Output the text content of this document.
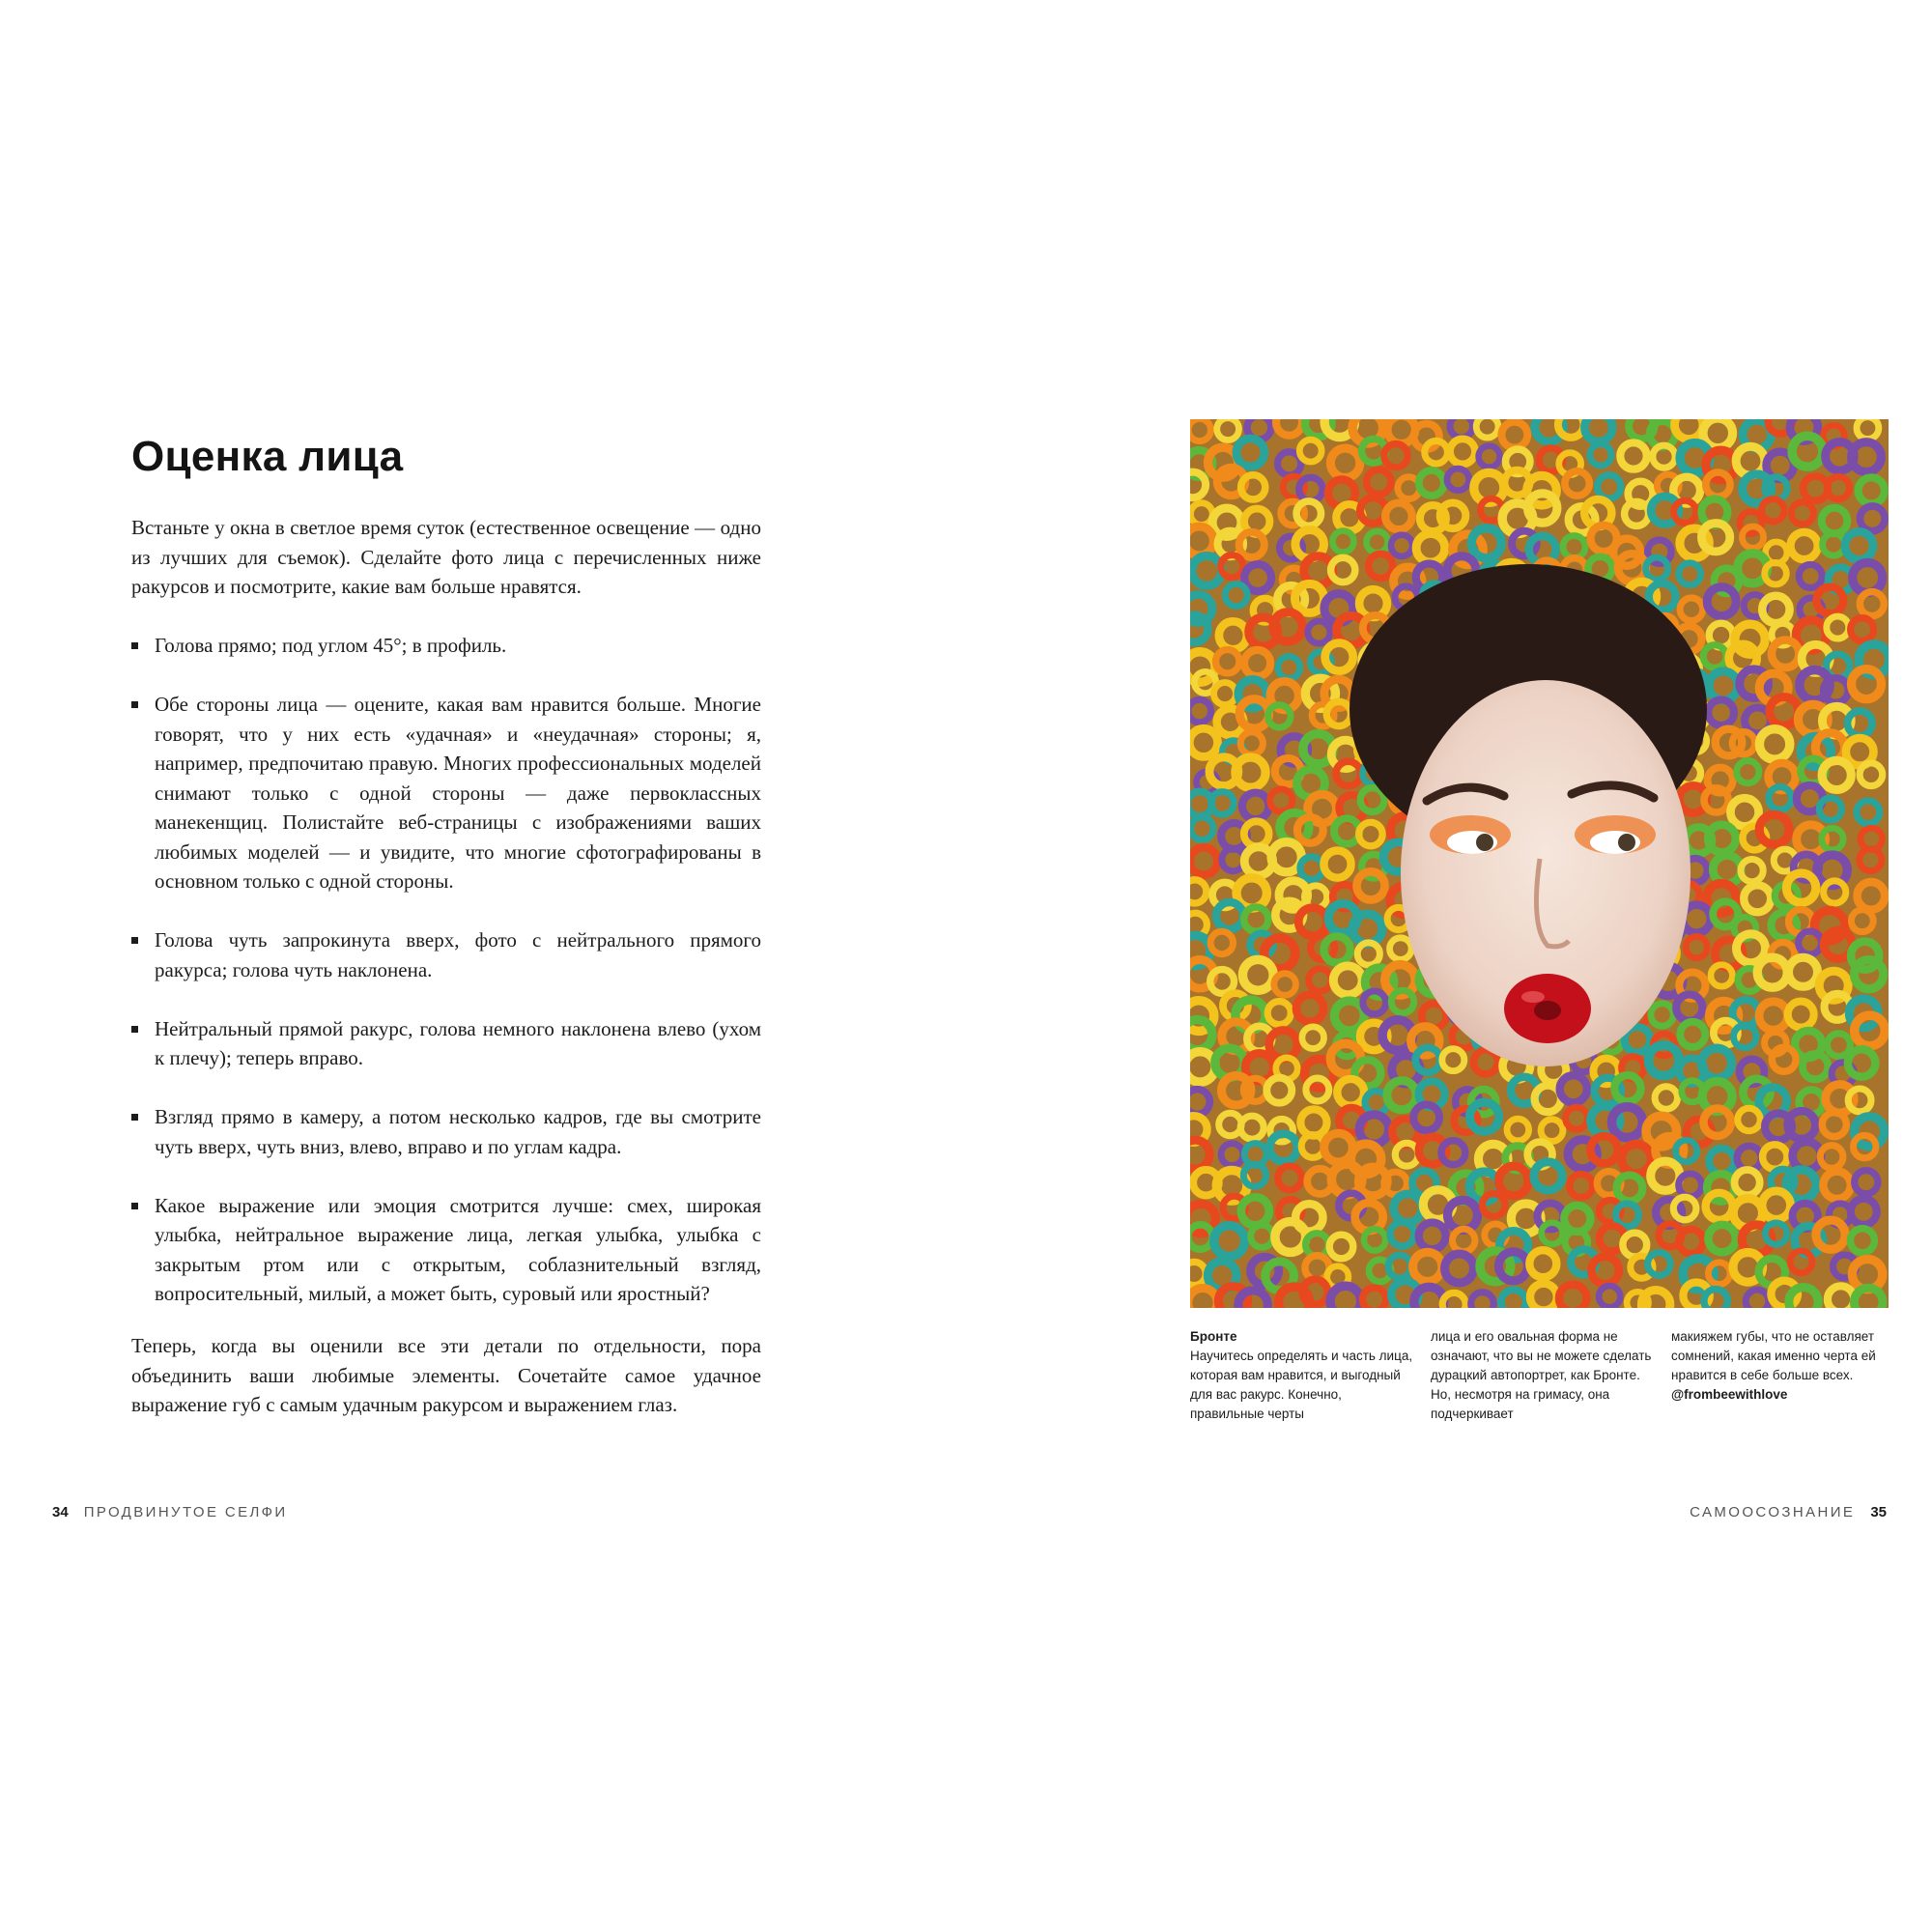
Оценка лица

Встаньте у окна в светлое время суток (естественное освещение — одно из лучших для съемок). Сделайте фото лица с перечисленных ниже ракурсов и посмотрите, какие вам больше нравятся.

Голова прямо; под углом 45°; в профиль.
Обе стороны лица — оцените, какая вам нравится больше. Многие говорят, что у них есть «удачная» и «неудачная» стороны; я, например, предпочитаю правую. Многих профессиональных моделей снимают только с одной стороны — даже первоклассных манекенщиц. Полистайте веб-страницы с изображениями ваших любимых моделей — и увидите, что многие сфотографированы в основном только с одной стороны.
Голова чуть запрокинута вверх, фото с нейтрального прямого ракурса; голова чуть наклонена.
Нейтральный прямой ракурс, голова немного наклонена влево (ухом к плечу); теперь вправо.
Взгляд прямо в камеру, а потом несколько кадров, где вы смотрите чуть вверх, чуть вниз, влево, вправо и по углам кадра.
Какое выражение или эмоция смотрится лучше: смех, широкая улыбка, нейтральное выражение лица, легкая улыбка, улыбка с закрытым ртом или с открытым, соблазнительный взгляд, вопросительный, милый, а может быть, суровый или яростный?

Теперь, когда вы оценили все эти детали по отдельности, пора объединить ваши любимые элементы. Сочетайте самое удачное выражение губ с самым удачным ракурсом и выражением глаз.

34 ПРОДВИНУТОЕ СЕЛФИ
Бронте
Научитесь определять и часть лица, которая вам нравится, и выгодный для вас ракурс. Конечно, правильные черты
лица и его овальная форма не означают, что вы не можете сделать дурацкий автопортрет, как Бронте. Но, несмотря на гримасу, она подчеркивает
макияжем губы, что не оставляет сомнений, какая именно черта ей нравится в себе больше всех.
@frombeewithlove
САМООСОЗНАНИЕ 35
